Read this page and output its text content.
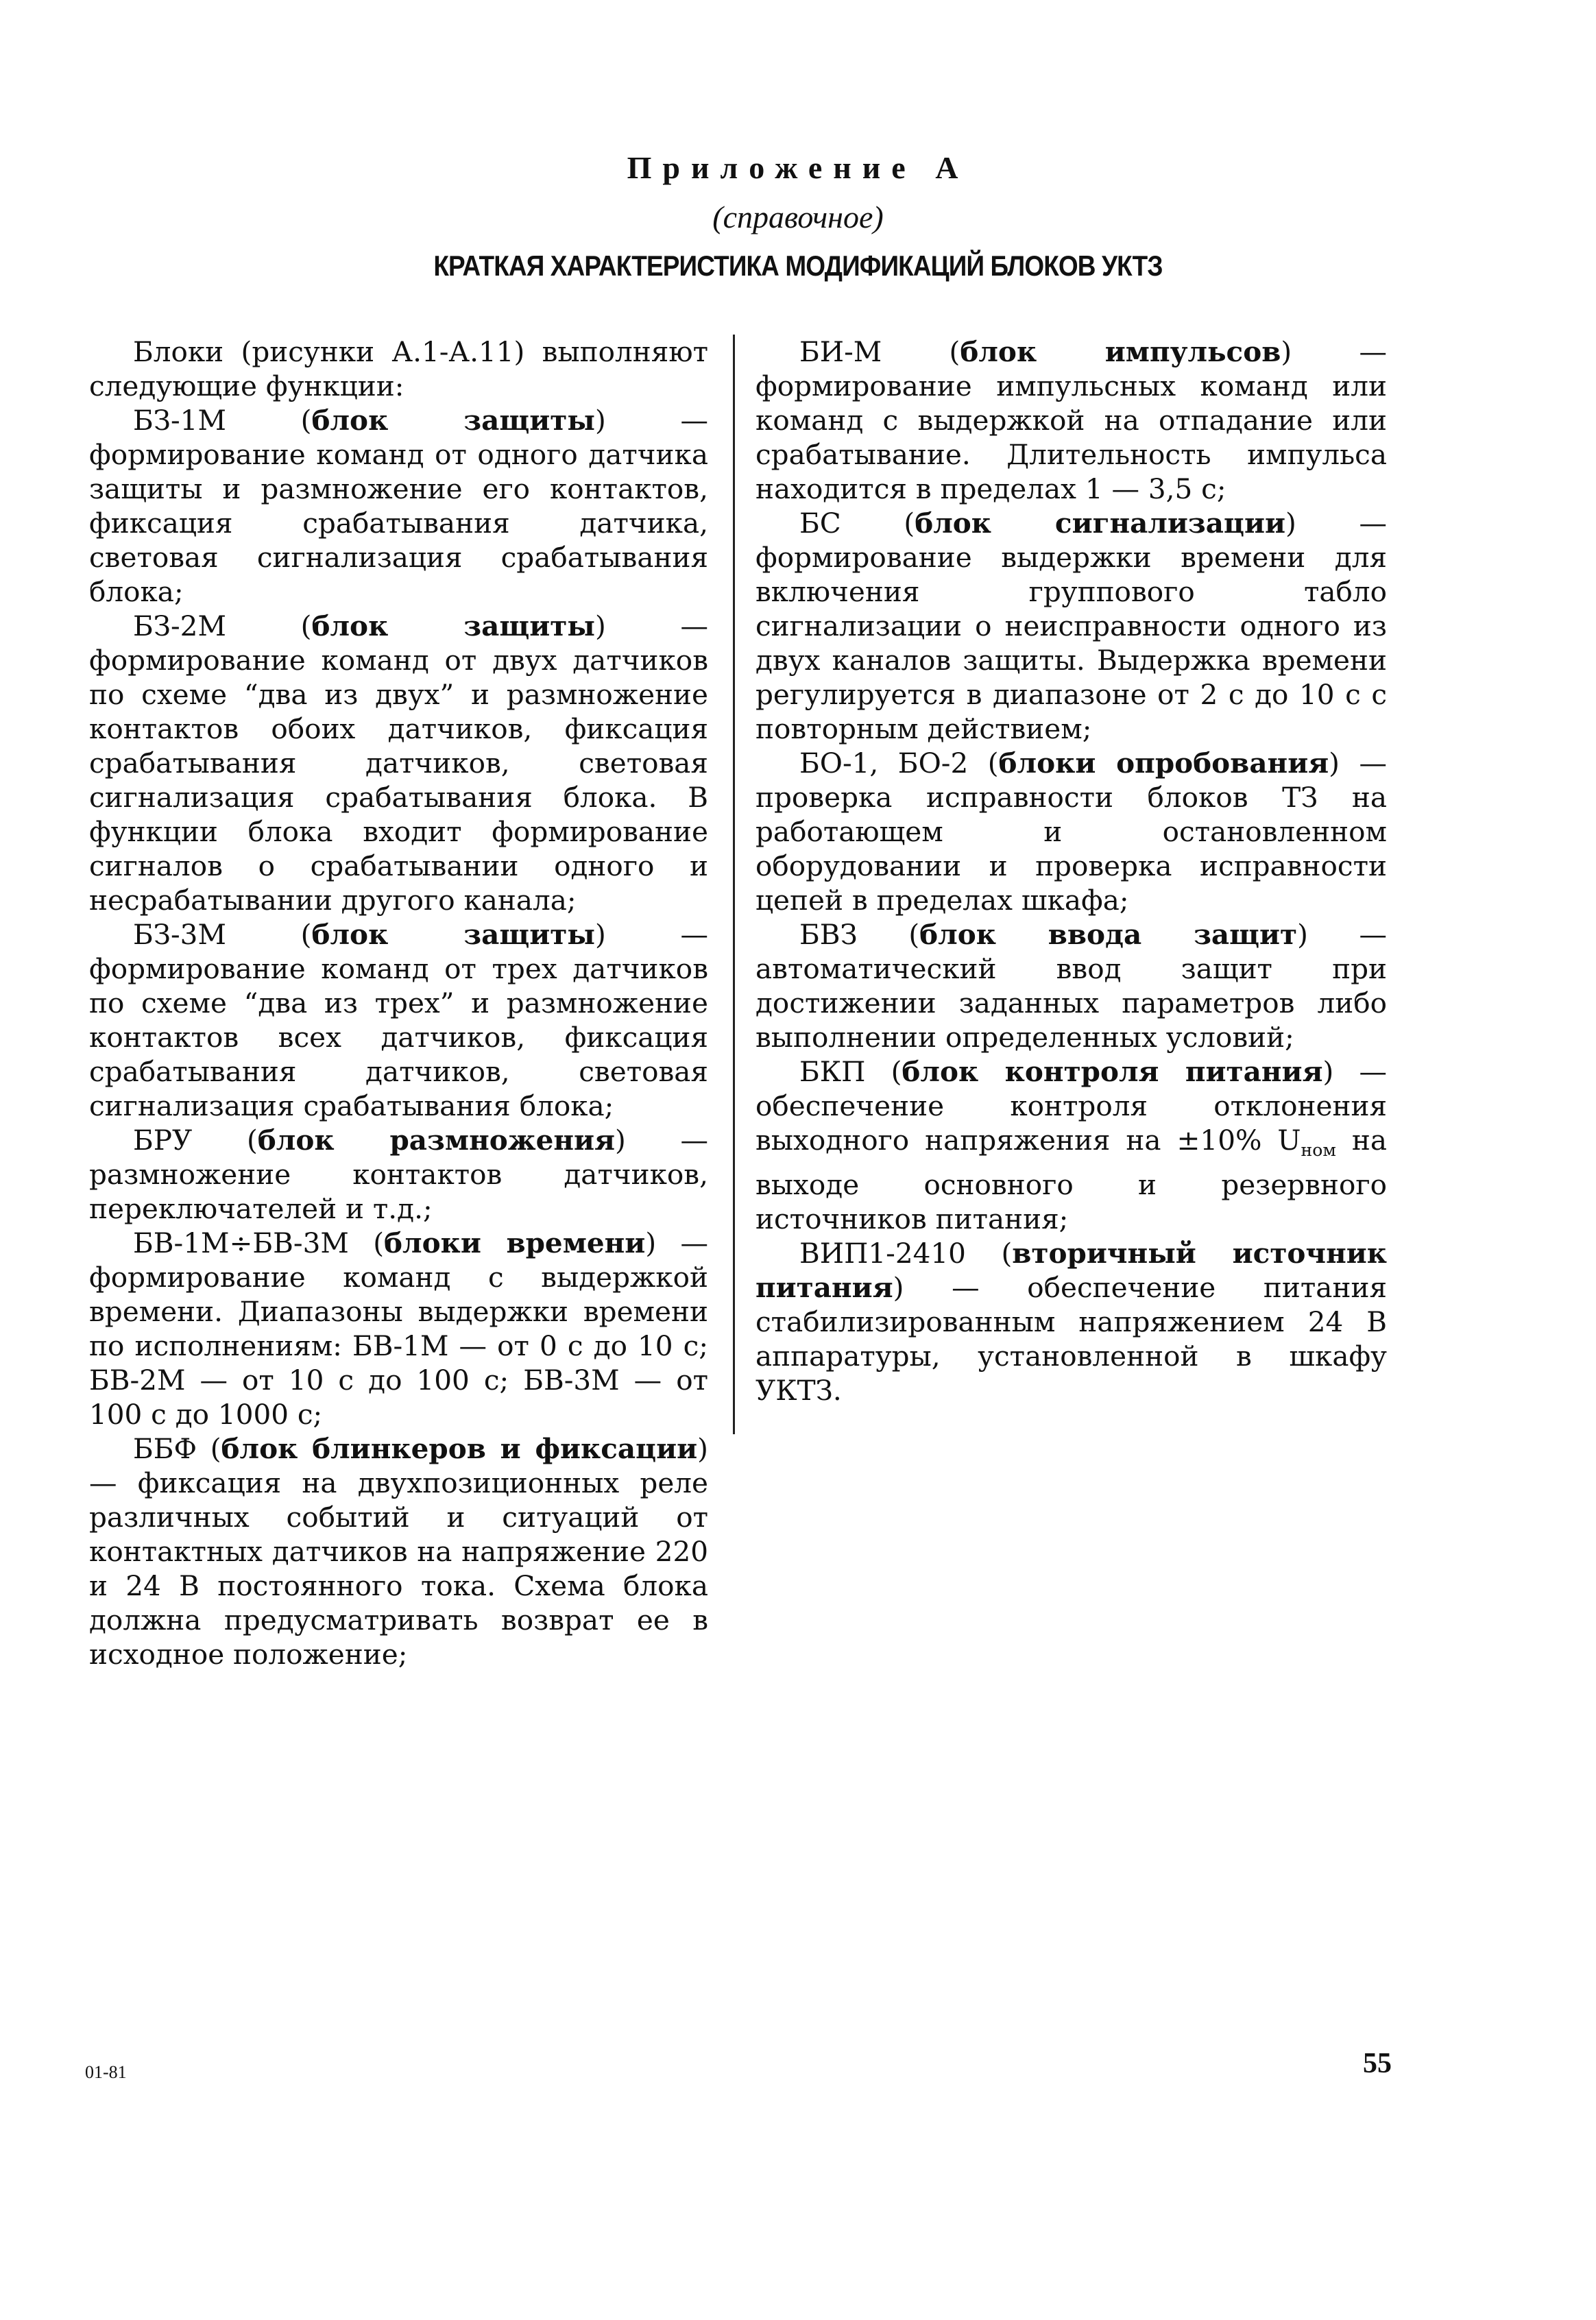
Приложение А
(справочное)
КРАТКАЯ ХАРАКТЕРИСТИКА МОДИФИКАЦИЙ БЛОКОВ УКТЗ

Блоки (рисунки А.1-А.11) выполняют следующие функции:

БЗ-1М (блок защиты) — формирование команд от одного датчика защиты и размножение его контактов, фиксация срабатывания датчика, световая сигнализация срабатывания блока;

БЗ-2М (блок защиты) — формирование команд от двух датчиков по схеме “два из двух” и размножение контактов обоих датчиков, фиксация срабатывания датчиков, световая сигнализация срабатывания блока. В функции блока входит формирование сигналов о срабатывании одного и несрабатывании другого канала;

БЗ-3М (блок защиты) — формирование команд от трех датчиков по схеме “два из трех” и размножение контактов всех датчиков, фиксация срабатывания датчиков, световая сигнализация срабатывания блока;

БРУ (блок размножения) — размножение контактов датчиков, переключателей и т.д.;

БВ-1М÷БВ-3М (блоки времени) — формирование команд с выдержкой времени. Диапазоны выдержки времени по исполнениям: БВ-1М — от 0 с до 10 с; БВ-2М — от 10 с до 100 с; БВ-3М — от 100 с до 1000 с;

ББФ (блок блинкеров и фиксации) — фиксация на двухпозиционных реле различных событий и ситуаций от контактных датчиков на напряжение 220 и 24 В постоянного тока. Схема блока должна предусматривать возврат ее в исходное положение;

БИ-М (блок импульсов) — формирование импульсных команд или команд с выдержкой на отпадание или срабатывание. Длительность импульса находится в пределах 1 — 3,5 с;

БС (блок сигнализации) — формирование выдержки времени для включения группового табло сигнализации о неисправности одного из двух каналов защиты. Выдержка времени регулируется в диапазоне от 2 с до 10 с с повторным действием;

БО-1, БО-2 (блоки опробования) — проверка исправности блоков ТЗ на работающем и остановленном оборудовании и проверка исправности цепей в пределах шкафа;

БВЗ (блок ввода защит) — автоматический ввод защит при достижении заданных параметров либо выполнении определенных условий;

БКП (блок контроля питания) — обеспечение контроля отклонения выходного напряжения на ±10% $U_{ном}$ на выходе основного и резервного источников питания;

ВИП1-2410 (вторичный источник питания) — обеспечение питания стабилизированным напряжением 24 В аппаратуры, установленной в шкафу УКТЗ.

01-81	55
